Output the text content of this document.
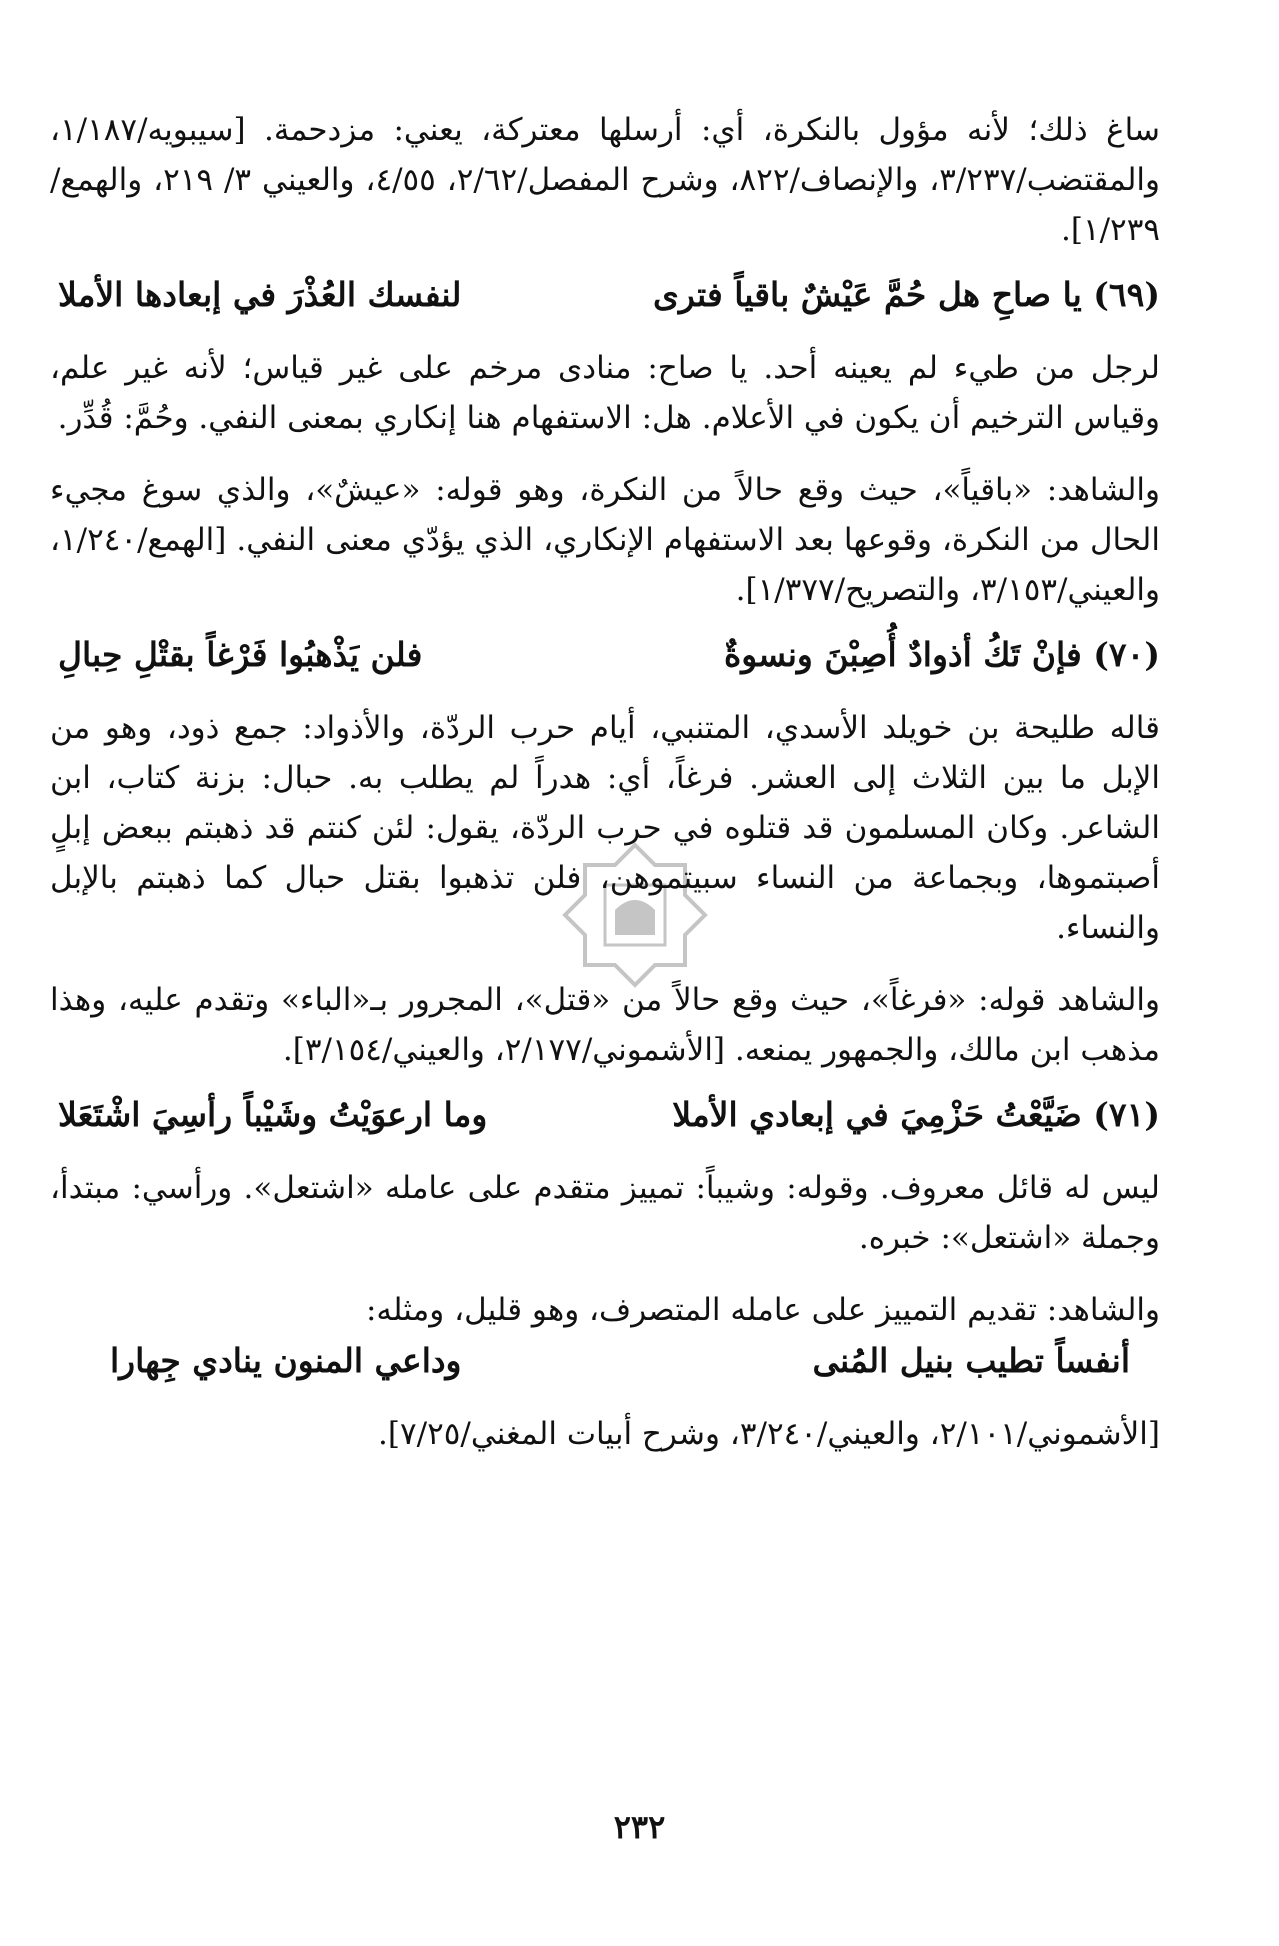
ساغ ذلك؛ لأنه مؤول بالنكرة، أي: أرسلها معتركة، يعني: مزدحمة. [سيبويه/١/١٨٧، والمقتضب/٣/٢٣٧، والإنصاف/٨٢٢، وشرح المفصل/٢/٦٢، ٤/٥٥، والعيني ٣/ ٢١٩، والهمع/١/٢٣٩].

(٦٩) يا صاحِ هل حُمَّ عَيْشٌ باقياً فترى
لنفسك العُذْرَ في إبعادها الأملا

لرجل من طيء لم يعينه أحد. يا صاح: منادى مرخم على غير قياس؛ لأنه غير علم، وقياس الترخيم أن يكون في الأعلام. هل: الاستفهام هنا إنكاري بمعنى النفي. وحُمَّ: قُدِّر.

والشاهد: «باقياً»، حيث وقع حالاً من النكرة، وهو قوله: «عيشٌ»، والذي سوغ مجيء الحال من النكرة، وقوعها بعد الاستفهام الإنكاري، الذي يؤدّي معنى النفي. [الهمع/١/٢٤٠، والعيني/٣/١٥٣، والتصريح/١/٣٧٧].

(٧٠) فإنْ تَكُ أذوادٌ أُصِبْنَ ونسوةٌ
فلن يَذْهبُوا فَرْغاً بقتْلِ حِبالِ

قاله طليحة بن خويلد الأسدي، المتنبي، أيام حرب الردّة، والأذواد: جمع ذود، وهو من الإبل ما بين الثلاث إلى العشر. فرغاً، أي: هدراً لم يطلب به. حبال: بزنة كتاب، ابن الشاعر. وكان المسلمون قد قتلوه في حرب الردّة، يقول: لئن كنتم قد ذهبتم ببعض إبلٍ أصبتموها، وبجماعة من النساء سبيتموهن، فلن تذهبوا بقتل حبال كما ذهبتم بالإبل والنساء.

والشاهد قوله: «فرغاً»، حيث وقع حالاً من «قتل»، المجرور بـ«الباء» وتقدم عليه، وهذا مذهب ابن مالك، والجمهور يمنعه. [الأشموني/٢/١٧٧، والعيني/٣/١٥٤].

(٧١) ضَيَّعْتُ حَزْمِيَ في إبعادي الأملا
وما ارعوَيْتُ وشَيْباً رأسِيَ اشْتَعَلا

ليس له قائل معروف. وقوله: وشيباً: تمييز متقدم على عامله «اشتعل». ورأسي: مبتدأ، وجملة «اشتعل»: خبره.

والشاهد: تقديم التمييز على عامله المتصرف، وهو قليل، ومثله:

أنفساً تطيب بنيل المُنى
وداعي المنون ينادي جِهارا

[الأشموني/٢/١٠١، والعيني/٣/٢٤٠، وشرح أبيات المغني/٧/٢٥].

٢٣٢
